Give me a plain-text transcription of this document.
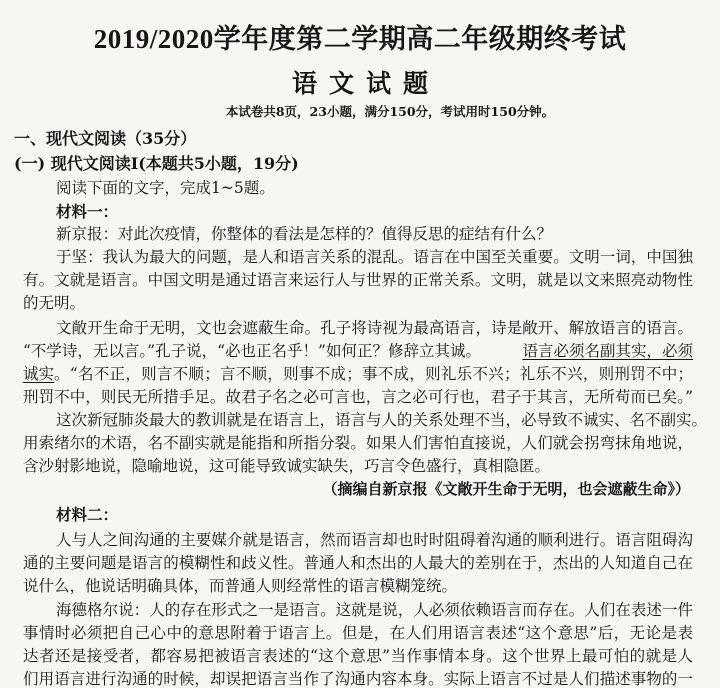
2019/2020学年度第二学期高二年级期终考试
语文试题
本试卷共8页，23小题，满分150分，考试用时150分钟。
一、现代文阅读（35分）
(一) 现代文阅读Ⅰ(本题共5小题，19分)
阅读下面的文字，完成1~5题。
材料一：
新京报：对此次疫情，你整体的看法是怎样的？值得反思的症结有什么？
于坚：我认为最大的问题，是人和语言关系的混乱。语言在中国至关重要。文明一词，中国独
有。文就是语言。中国文明是通过语言来运行人与世界的正常关系。文明，就是以文来照亮动物性
的无明。
文敞开生命于无明，文也会遮蔽生命。孔子将诗视为最高语言，诗是敞开、解放语言的语言。
“不学诗，无以言。”孔子说，“必也正名乎！”如何正？修辞立其诚。	语言必须名副其实，必须
诚实 。“名不正，则言不顺；言不顺，则事不成；事不成，则礼乐不兴；礼乐不兴，则刑罚不中；
刑罚不中，则民无所措手足。故君子名之必可言也，言之必可行也，君子于其言，无所苟而已矣。”
这次新冠肺炎最大的教训就是在语言上，语言与人的关系处理不当，必导致不诚实、名不副实。
用索绪尔的术语，名不副实就是能指和所指分裂。如果人们害怕直接说，人们就会拐弯抹角地说，
含沙射影地说，隐喻地说，这可能导致诚实缺失，巧言令色盛行，真相隐匿。
（摘编自新京报《文敞开生命于无明，也会遮蔽生命》）
材料二：
人与人之间沟通的主要媒介就是语言，然而语言却也时时阻碍着沟通的顺利进行。语言阻碍沟
通的主要问题是语言的模糊性和歧义性。普通人和杰出的人最大的差别在于，杰出的人知道自己在
说什么，他说话明确具体，而普通人则经常性的语言模糊笼统。
海德格尔说：人的存在形式之一是语言。这就是说，人必须依赖语言而存在。人们在表述一件
事情时必须把自己心中的意思附着于语言上。但是，在人们用语言表述“这个意思”后，无论是表
达者还是接受者，都容易把被语言表述的“这个意思”当作事情本身。这个世界上最可怕的就是人
们用语言进行沟通的时候，却误把语言当作了沟通内容本身。实际上语言不过是人们描述事物的一
